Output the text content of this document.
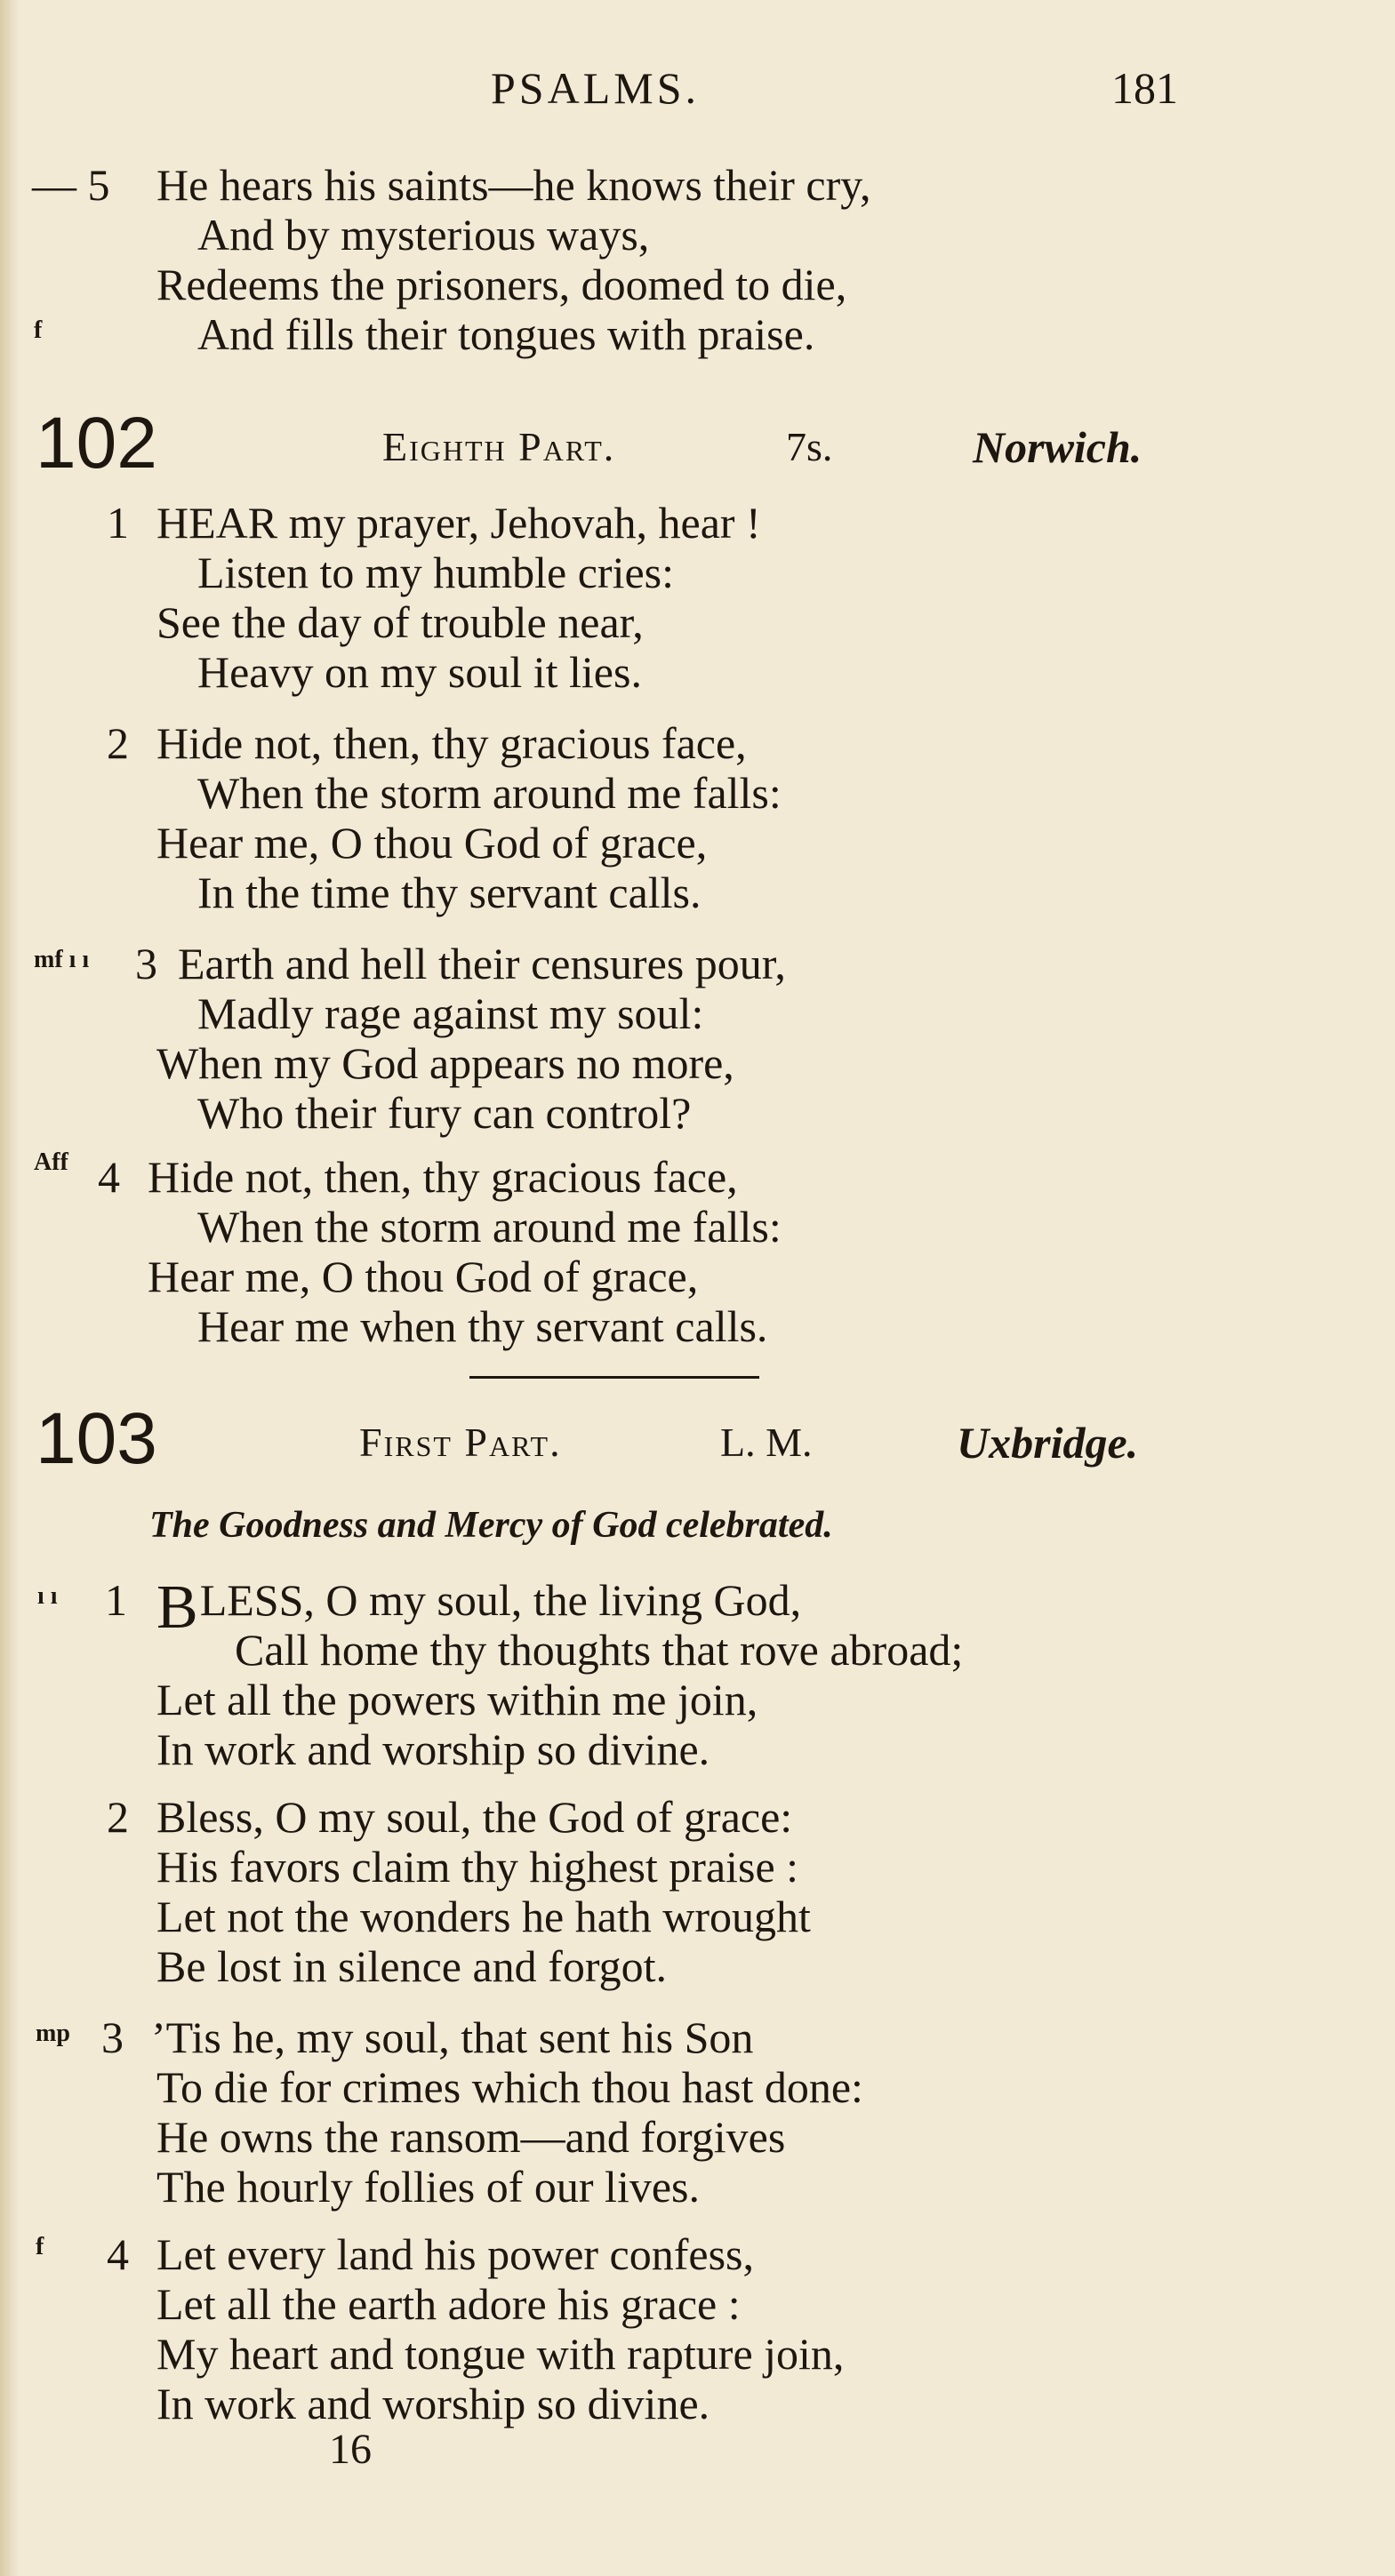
PSALMS.	181
— 5 He hears his saints—he knows their cry,
And by mysterious ways,
Redeems the prisoners, doomed to die,
f	And fills their tongues with praise.
102	Eighth Part.	7s.	Norwich.
1 HEAR my prayer, Jehovah, hear !
Listen to my humble cries:
See the day of trouble near,
Heavy on my soul it lies.
2 Hide not, then, thy gracious face,
When the storm around me falls:
Hear me, O thou God of grace,
In the time thy servant calls.
mf ı ı 3 Earth and hell their censures pour,
Madly rage against my soul:
When my God appears no more,
Who their fury can control?
Aff 4 Hide not, then, thy gracious face,
When the storm around me falls:
Hear me, O thou God of grace,
Hear me when thy servant calls.
103	First Part.	L. M.	Uxbridge.
The Goodness and Mercy of God celebrated.
ı ı 1 BLESS, O my soul, the living God,
Call home thy thoughts that rove abroad;
Let all the powers within me join,
In work and worship so divine.
2 Bless, O my soul, the God of grace:
His favors claim thy highest praise :
Let not the wonders he hath wrought
Be lost in silence and forgot.
mp 3 ’Tis he, my soul, that sent his Son
To die for crimes which thou hast done:
He owns the ransom—and forgives
The hourly follies of our lives.
f 4 Let every land his power confess,
Let all the earth adore his grace :
My heart and tongue with rapture join,
In work and worship so divine.
16
